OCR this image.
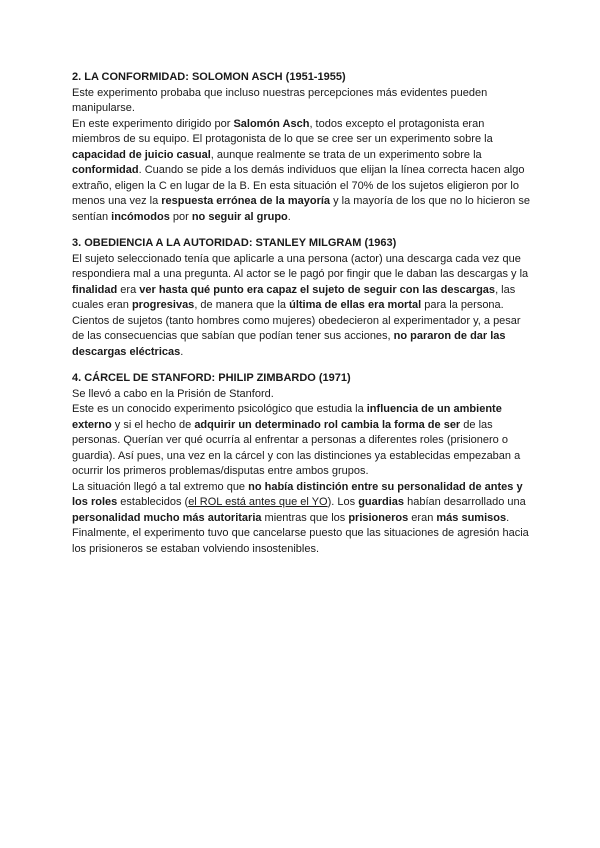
2. LA CONFORMIDAD: SOLOMON ASCH (1951-1955)

Este experimento probaba que incluso nuestras percepciones más evidentes pueden manipularse.

En este experimento dirigido por Salomón Asch, todos excepto el protagonista eran miembros de su equipo. El protagonista de lo que se cree ser un experimento sobre la capacidad de juicio casual, aunque realmente se trata de un experimento sobre la conformidad. Cuando se pide a los demás individuos que elijan la línea correcta hacen algo extraño, eligen la C en lugar de la B. En esta situación el 70% de los sujetos eligieron por lo menos una vez la respuesta errónea de la mayoría y la mayoría de los que no lo hicieron se sentían incómodos por no seguir al grupo.

3. OBEDIENCIA A LA AUTORIDAD: STANLEY MILGRAM (1963)

El sujeto seleccionado tenía que aplicarle a una persona (actor) una descarga cada vez que respondiera mal a una pregunta. Al actor se le pagó por fingir que le daban las descargas y la finalidad era ver hasta qué punto era capaz el sujeto de seguir con las descargas, las cuales eran progresivas, de manera que la última de ellas era mortal para la persona. Cientos de sujetos (tanto hombres como mujeres) obedecieron al experimentador y, a pesar de las consecuencias que sabían que podían tener sus acciones, no pararon de dar las descargas eléctricas.

4. CÁRCEL DE STANFORD: PHILIP ZIMBARDO (1971)

Se llevó a cabo en la Prisión de Stanford.

Este es un conocido experimento psicológico que estudia la influencia de un ambiente externo y si el hecho de adquirir un determinado rol cambia la forma de ser de las personas. Querían ver qué ocurría al enfrentar a personas a diferentes roles (prisionero o guardia). Así pues, una vez en la cárcel y con las distinciones ya establecidas empezaban a ocurrir los primeros problemas/disputas entre ambos grupos.

La situación llegó a tal extremo que no había distinción entre su personalidad de antes y los roles establecidos (el ROL está antes que el YO). Los guardias habían desarrollado una personalidad mucho más autoritaria mientras que los prisioneros eran más sumisos.

Finalmente, el experimento tuvo que cancelarse puesto que las situaciones de agresión hacia los prisioneros se estaban volviendo insostenibles.
